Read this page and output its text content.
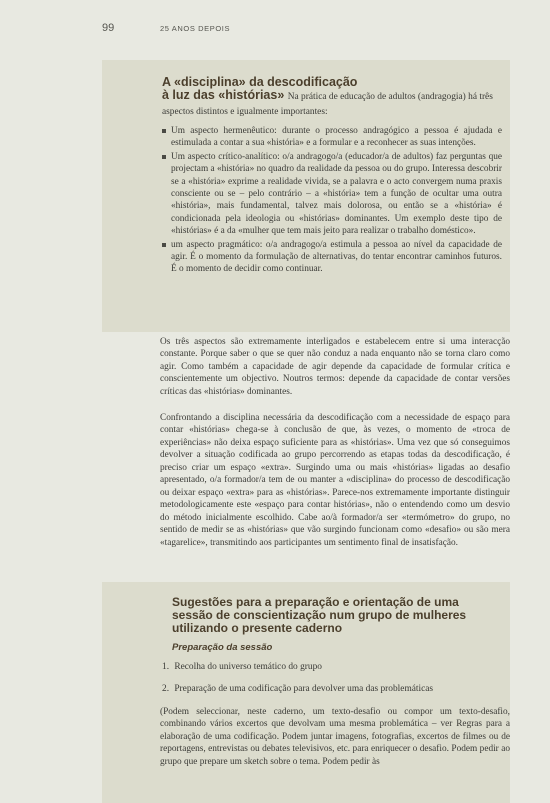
99	25 ANOS DEPOIS
A «disciplina» da descodificação
à luz das «histórias» Na prática de educação de adultos (andragogia) há três aspectos distintos e igualmente importantes:
Um aspecto hermenêutico: durante o processo andragógico a pessoa é ajudada e estimulada a contar a sua «história» e a formular e a reconhecer as suas intenções.
Um aspecto crítico-analítico: o/a andragogo/a (educador/a de adultos) faz perguntas que projectam a «história» no quadro da realidade da pessoa ou do grupo. Interessa descobrir se a «história» exprime a realidade vivida, se a palavra e o acto convergem numa praxis consciente ou se – pelo contrário – a «história» tem a função de ocultar uma outra «história», mais fundamental, talvez mais dolorosa, ou então se a «história» é condicionada pela ideologia ou «histórias» dominantes. Um exemplo deste tipo de «histórias» é a da «mulher que tem mais jeito para realizar o trabalho doméstico».
um aspecto pragmático: o/a andragogo/a estimula a pessoa ao nível da capacidade de agir. É o momento da formulação de alternativas, do tentar encontrar caminhos futuros. É o momento de decidir como continuar.
Os três aspectos são extremamente interligados e estabelecem entre si uma interacção constante. Porque saber o que se quer não conduz a nada enquanto não se torna claro como agir. Como também a capacidade de agir depende da capacidade de formular crítica e conscientemente um objectivo. Noutros termos: depende da capacidade de contar versões críticas das «histórias» dominantes.
Confrontando a disciplina necessária da descodificação com a necessidade de espaço para contar «histórias» chega-se à conclusão de que, às vezes, o momento de «troca de experiências» não deixa espaço suficiente para as «histórias». Uma vez que só conseguimos devolver a situação codificada ao grupo percorrendo as etapas todas da descodificação, é preciso criar um espaço «extra». Surgindo uma ou mais «histórias» ligadas ao desafio apresentado, o/a formador/a tem de ou manter a «disciplina» do processo de descodificação ou deixar espaço «extra» para as «histórias». Parece-nos extremamente importante distinguir metodologicamente este «espaço para contar histórias», não o entendendo como um desvio do método inicialmente escolhido. Cabe ao/à formador/a ser «termómetro» do grupo, no sentido de medir se as «histórias» que vão surgindo funcionam como «desafio» ou são mera «tagarelice», transmitindo aos participantes um sentimento final de insatisfação.
Sugestões para a preparação e orientação de uma sessão de conscientização num grupo de mulheres utilizando o presente caderno
Preparação da sessão
1. Recolha do universo temático do grupo
2. Preparação de uma codificação para devolver uma das problemáticas
(Podem seleccionar, neste caderno, um texto-desafio ou compor um texto-desafio, combinando vários excertos que devolvam uma mesma problemática – ver Regras para a elaboração de uma codificação. Podem juntar imagens, fotografias, excertos de filmes ou de reportagens, entrevistas ou debates televisivos, etc. para enriquecer o desafio. Podem pedir ao grupo que prepare um sketch sobre o tema. Podem pedir às
